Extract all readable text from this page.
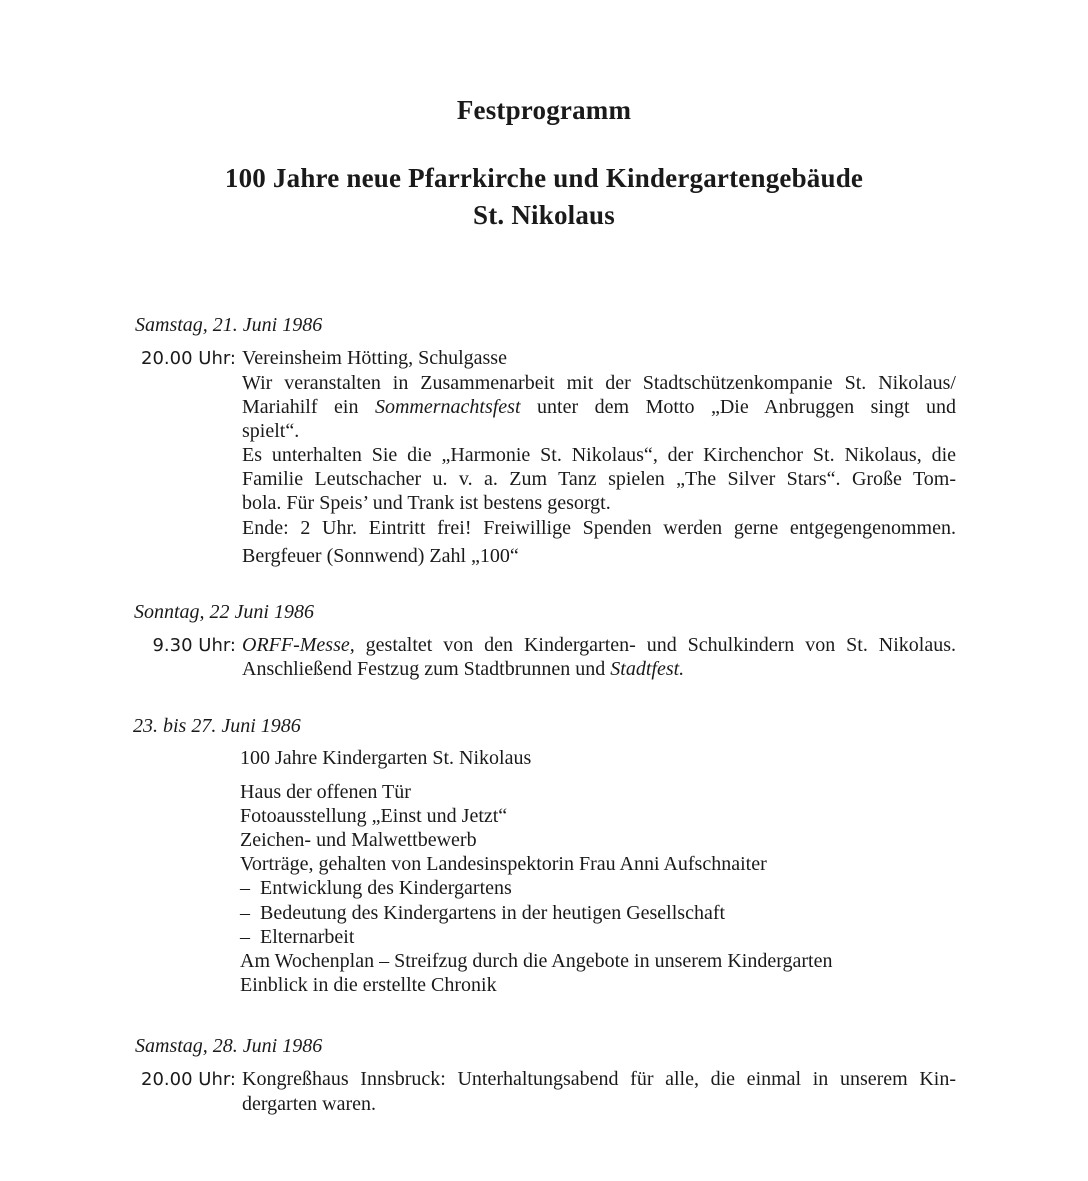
Festprogramm
100 Jahre neue Pfarrkirche und Kindergartengebäude
St. Nikolaus
Samstag, 21. Juni 1986
20.00 Uhr: Vereinsheim Hötting, Schulgasse
Wir veranstalten in Zusammenarbeit mit der Stadtschützenkompanie St. Nikolaus/
Mariahilf ein Sommernachtsfest unter dem Motto „Die Anbruggen singt und
spielt“.
Es unterhalten Sie die „Harmonie St. Nikolaus“, der Kirchenchor St. Nikolaus, die
Familie Leutschacher u. v. a. Zum Tanz spielen „The Silver Stars“. Große Tom-
bola. Für Speis’ und Trank ist bestens gesorgt.
Ende: 2 Uhr. Eintritt frei! Freiwillige Spenden werden gerne entgegengenommen.
Bergfeuer (Sonnwend) Zahl „100“
Sonntag, 22 Juni 1986
9.30 Uhr: ORFF-Messe, gestaltet von den Kindergarten- und Schulkindern von St. Nikolaus.
Anschließend Festzug zum Stadtbrunnen und Stadtfest.
23. bis 27. Juni 1986
100 Jahre Kindergarten St. Nikolaus
Haus der offenen Tür
Fotoausstellung „Einst und Jetzt“
Zeichen- und Malwettbewerb
Vorträge, gehalten von Landesinspektorin Frau Anni Aufschnaiter
– Entwicklung des Kindergartens
– Bedeutung des Kindergartens in der heutigen Gesellschaft
– Elternarbeit
Am Wochenplan – Streifzug durch die Angebote in unserem Kindergarten
Einblick in die erstellte Chronik
Samstag, 28. Juni 1986
20.00 Uhr: Kongreßhaus Innsbruck: Unterhaltungsabend für alle, die einmal in unserem Kin-
dergarten waren.
